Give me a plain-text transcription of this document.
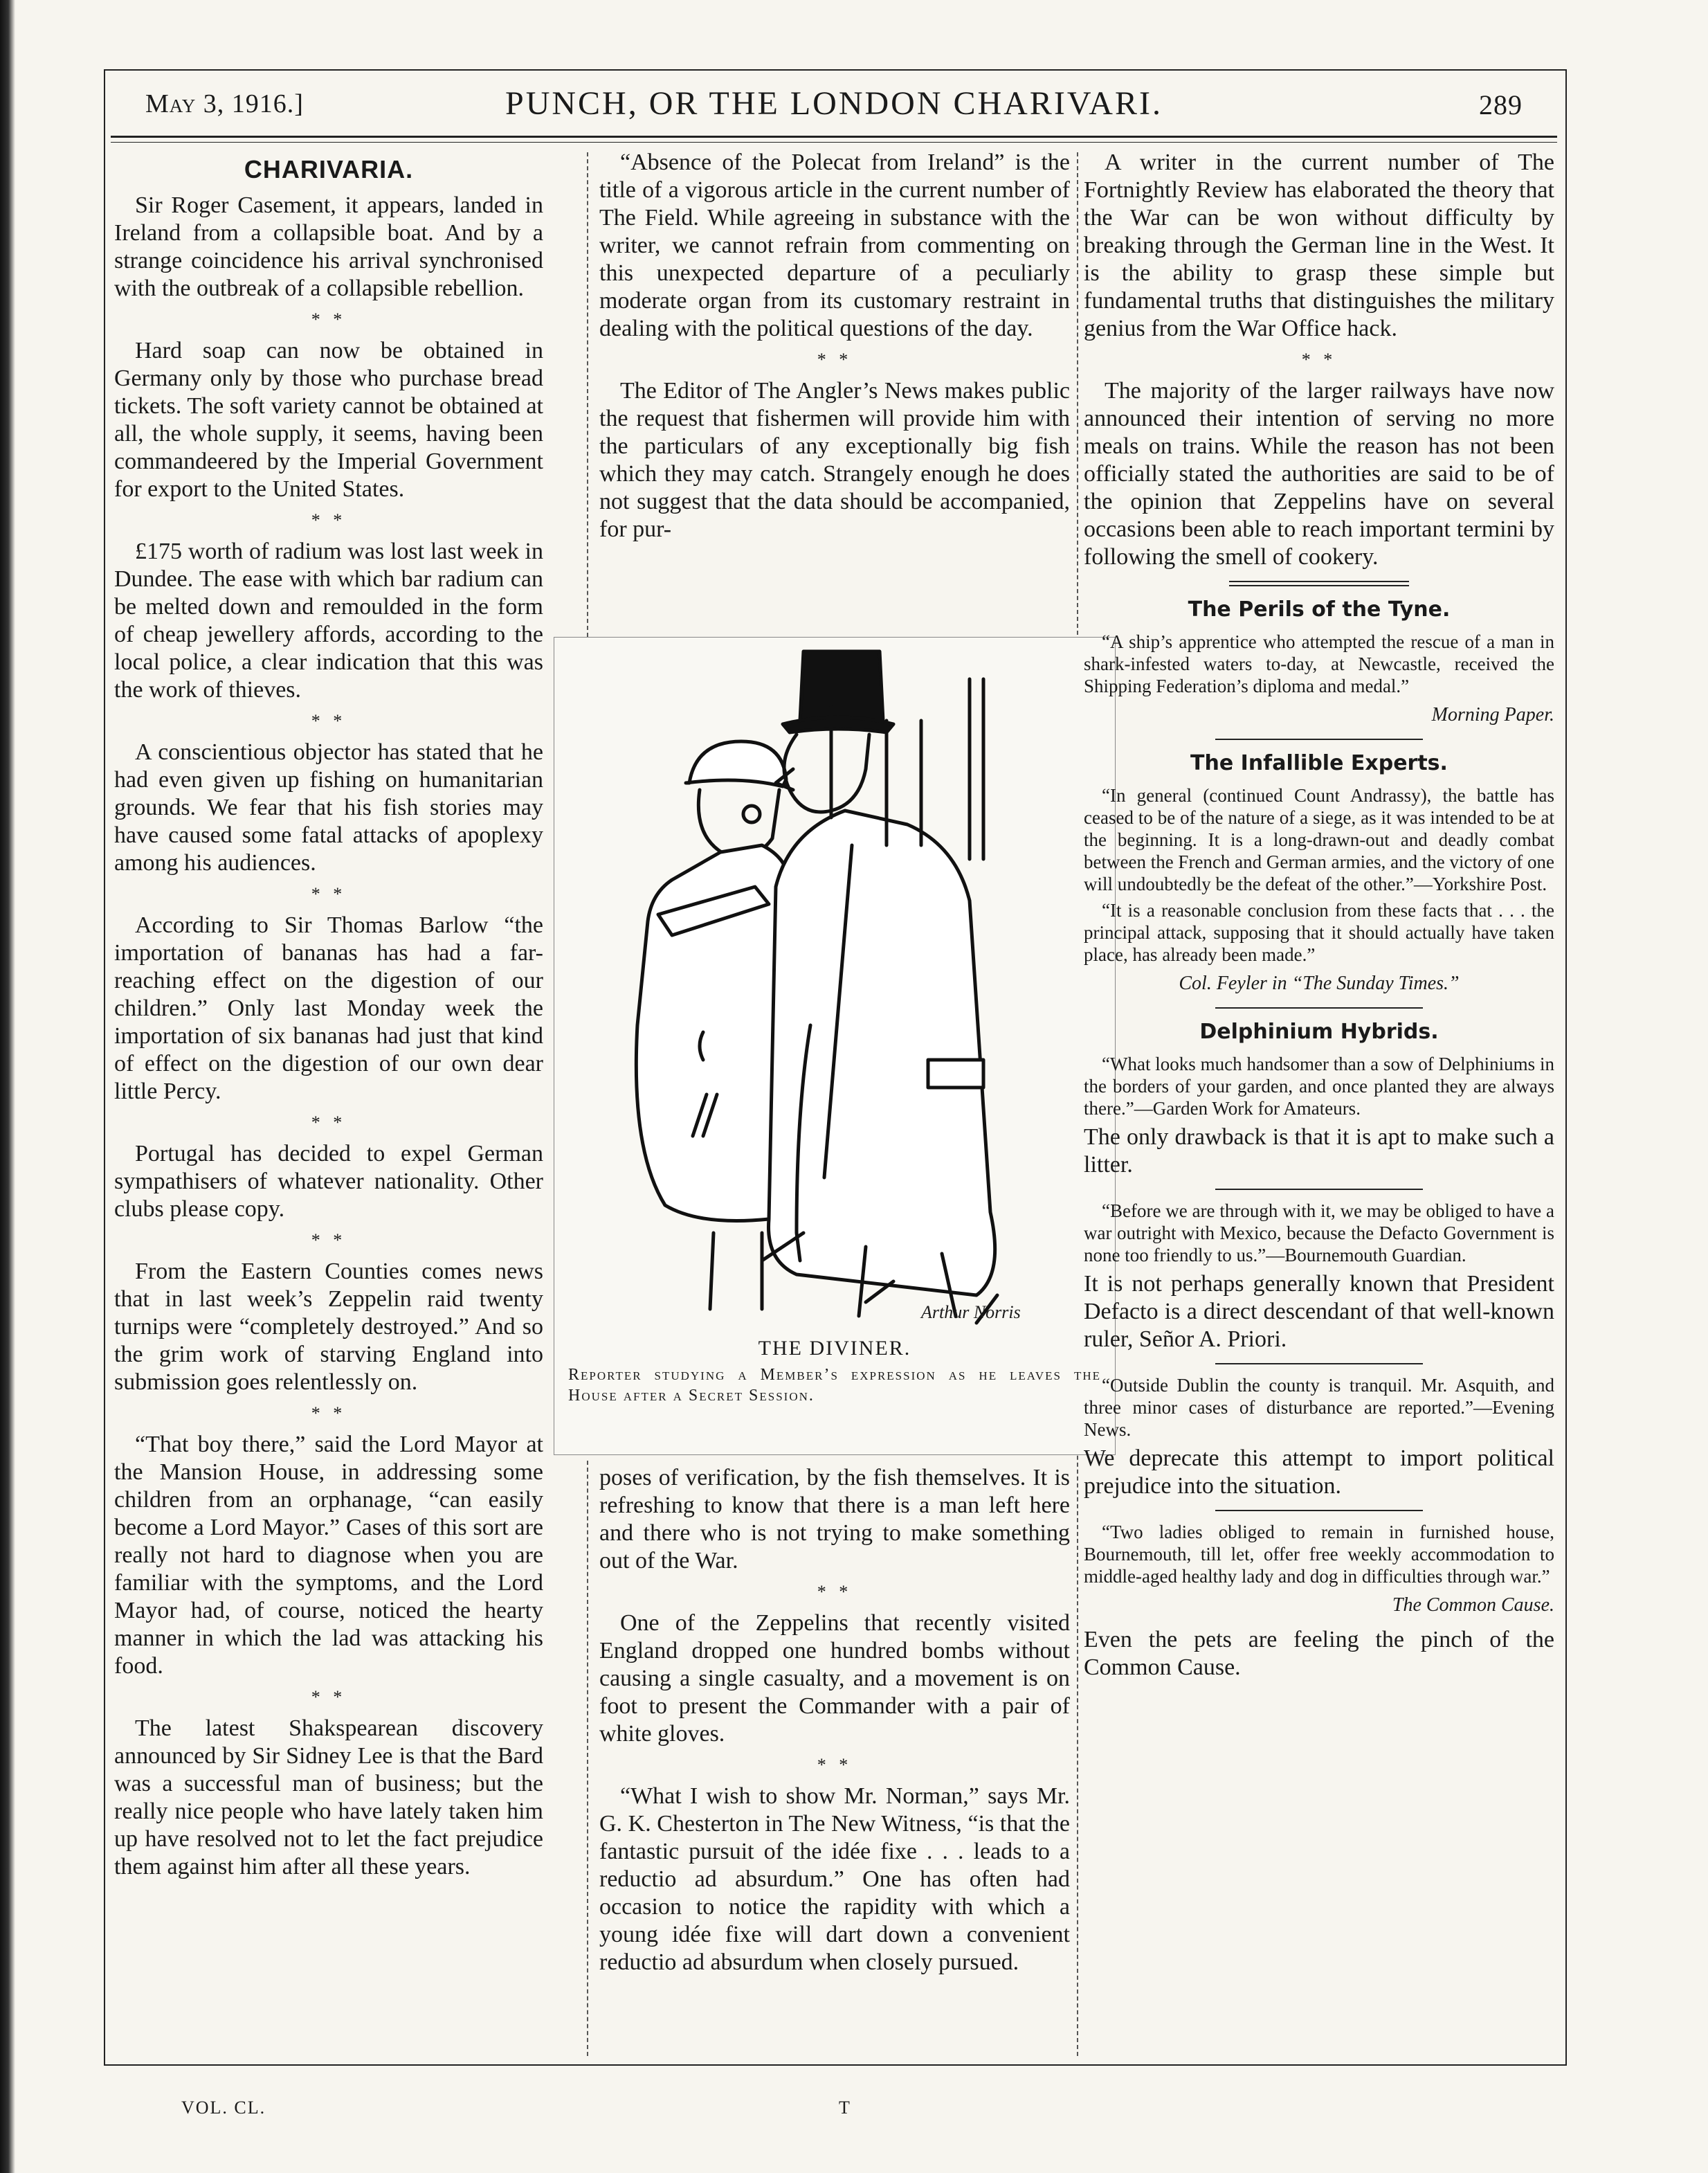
May 3, 1916.]	PUNCH, OR THE LONDON CHARIVARI.	289
CHARIVARIA.

Sir Roger Casement, it appears, landed in Ireland from a collapsible boat. And by a strange coincidence his arrival synchronised with the outbreak of a collapsible rebellion.

* *

Hard soap can now be obtained in Germany only by those who purchase bread tickets. The soft variety cannot be obtained at all, the whole supply, it seems, having been commandeered by the Imperial Government for export to the United States.

* *

£175 worth of radium was lost last week in Dundee. The ease with which bar radium can be melted down and remoulded in the form of cheap jewellery affords, according to the local police, a clear indication that this was the work of thieves.

* *

A conscientious objector has stated that he had even given up fishing on humanitarian grounds. We fear that his fish stories may have caused some fatal attacks of apoplexy among his audiences.

* *

According to Sir Thomas Barlow “the importation of bananas has had a far-reaching effect on the digestion of our children.” Only last Monday week the importation of six bananas had just that kind of effect on the digestion of our own dear little Percy.

* *

Portugal has decided to expel German sympathisers of whatever nationality. Other clubs please copy.

* *

From the Eastern Counties comes news that in last week’s Zeppelin raid twenty turnips were “completely destroyed.” And so the grim work of starving England into submission goes relentlessly on.

* *

“That boy there,” said the Lord Mayor at the Mansion House, in addressing some children from an orphanage, “can easily become a Lord Mayor.” Cases of this sort are really not hard to diagnose when you are familiar with the symptoms, and the Lord Mayor had, of course, noticed the hearty manner in which the lad was attacking his food.

* *

The latest Shakspearean discovery announced by Sir Sidney Lee is that the Bard was a successful man of business; but the really nice people who have lately taken him up have resolved not to let the fact prejudice them against him after all these years.

“Absence of the Polecat from Ireland” is the title of a vigorous article in the current number of The Field. While agreeing in substance with the writer, we cannot refrain from commenting on this unexpected departure of a peculiarly moderate organ from its customary restraint in dealing with the political questions of the day.

* *

The Editor of The Angler’s News makes public the request that fishermen will provide him with the particulars of any exceptionally big fish which they may catch. Strangely enough he does not suggest that the data should be accompanied, for pur-

Arthur Norris
THE DIVINER.
Reporter studying a Member’s expression as he leaves the House after a Secret Session.

poses of verification, by the fish themselves. It is refreshing to know that there is a man left here and there who is not trying to make something out of the War.

* *

One of the Zeppelins that recently visited England dropped one hundred bombs without causing a single casualty, and a movement is on foot to present the Commander with a pair of white gloves.

* *

“What I wish to show Mr. Norman,” says Mr. G. K. Chesterton in The New Witness, “is that the fantastic pursuit of the idée fixe . . . leads to a reductio ad absurdum.” One has often had occasion to notice the rapidity with which a young idée fixe will dart down a convenient reductio ad absurdum when closely pursued.

A writer in the current number of The Fortnightly Review has elaborated the theory that the War can be won without difficulty by breaking through the German line in the West. It is the ability to grasp these simple but fundamental truths that distinguishes the military genius from the War Office hack.

* *

The majority of the larger railways have now announced their intention of serving no more meals on trains. While the reason has not been officially stated the authorities are said to be of the opinion that Zeppelins have on several occasions been able to reach important termini by following the smell of cookery.

The Perils of the Tyne.

“A ship’s apprentice who attempted the rescue of a man in shark-infested waters to-day, at Newcastle, received the Shipping Federation’s diploma and medal.”

Morning Paper.
The Infallible Experts.

“In general (continued Count Andrassy), the battle has ceased to be of the nature of a siege, as it was intended to be at the beginning. It is a long-drawn-out and deadly combat between the French and German armies, and the victory of one will undoubtedly be the defeat of the other.”—Yorkshire Post.

“It is a reasonable conclusion from these facts that . . . the principal attack, supposing that it should actually have taken place, has already been made.”

Col. Feyler in “The Sunday Times.”
Delphinium Hybrids.

“What looks much handsomer than a sow of Delphiniums in the borders of your garden, and once planted they are always there.”—Garden Work for Amateurs.

The only drawback is that it is apt to make such a litter.

“Before we are through with it, we may be obliged to have a war outright with Mexico, because the Defacto Government is none too friendly to us.”—Bournemouth Guardian.

It is not perhaps generally known that President Defacto is a direct descendant of that well-known ruler, Señor A. Priori.

“Outside Dublin the county is tranquil. Mr. Asquith, and three minor cases of disturbance are reported.”—Evening News.

We deprecate this attempt to import political prejudice into the situation.

“Two ladies obliged to remain in furnished house, Bournemouth, till let, offer free weekly accommodation to middle-aged healthy lady and dog in difficulties through war.”

The Common Cause.

Even the pets are feeling the pinch of the Common Cause.

VOL. CL.	T
